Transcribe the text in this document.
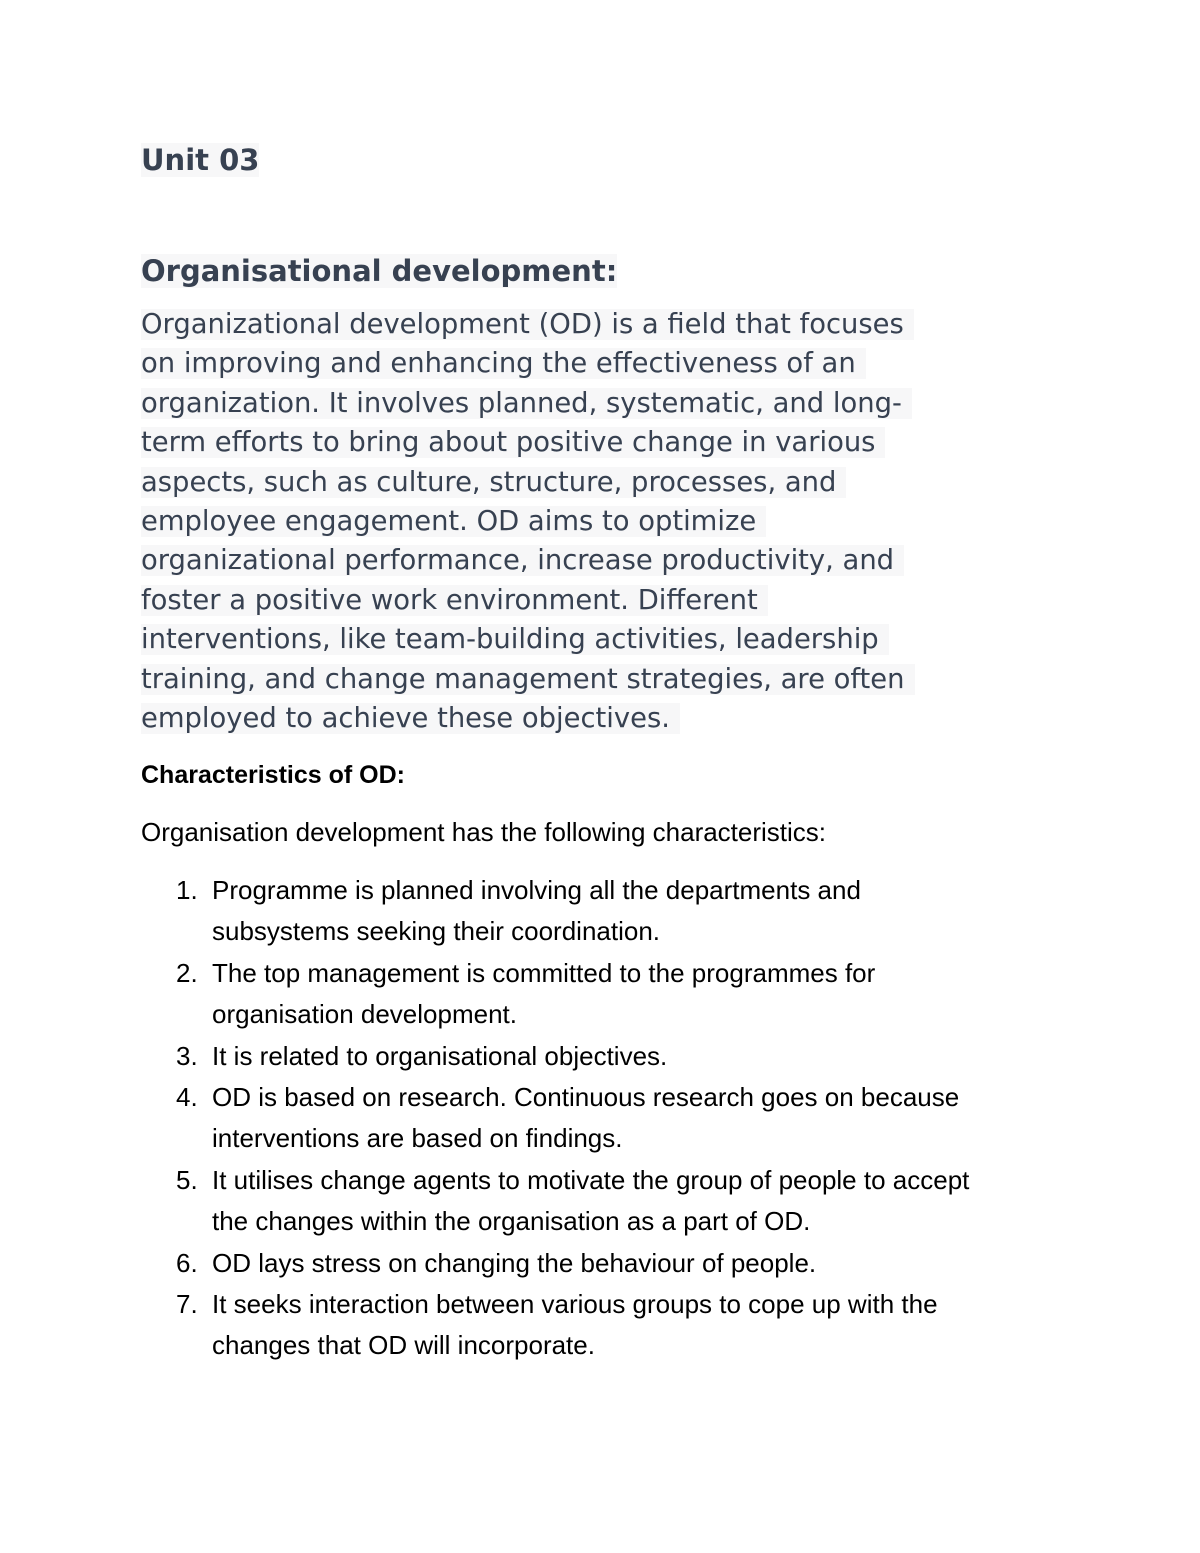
Unit 03
Organisational development:

Organizational development (OD) is a field that focuses
on improving and enhancing the effectiveness of an
organization. It involves planned, systematic, and long-
term efforts to bring about positive change in various
aspects, such as culture, structure, processes, and
employee engagement. OD aims to optimize
organizational performance, increase productivity, and
foster a positive work environment. Different
interventions, like team-building activities, leadership
training, and change management strategies, are often
employed to achieve these objectives.

Characteristics of OD:

Organisation development has the following characteristics:

1. Programme is planned involving all the departments and
subsystems seeking their coordination.
2. The top management is committed to the programmes for
organisation development.
3. It is related to organisational objectives.
4. OD is based on research. Continuous research goes on because
interventions are based on findings.
5. It utilises change agents to motivate the group of people to accept
the changes within the organisation as a part of OD.
6. OD lays stress on changing the behaviour of people.
7. It seeks interaction between various groups to cope up with the
changes that OD will incorporate.
